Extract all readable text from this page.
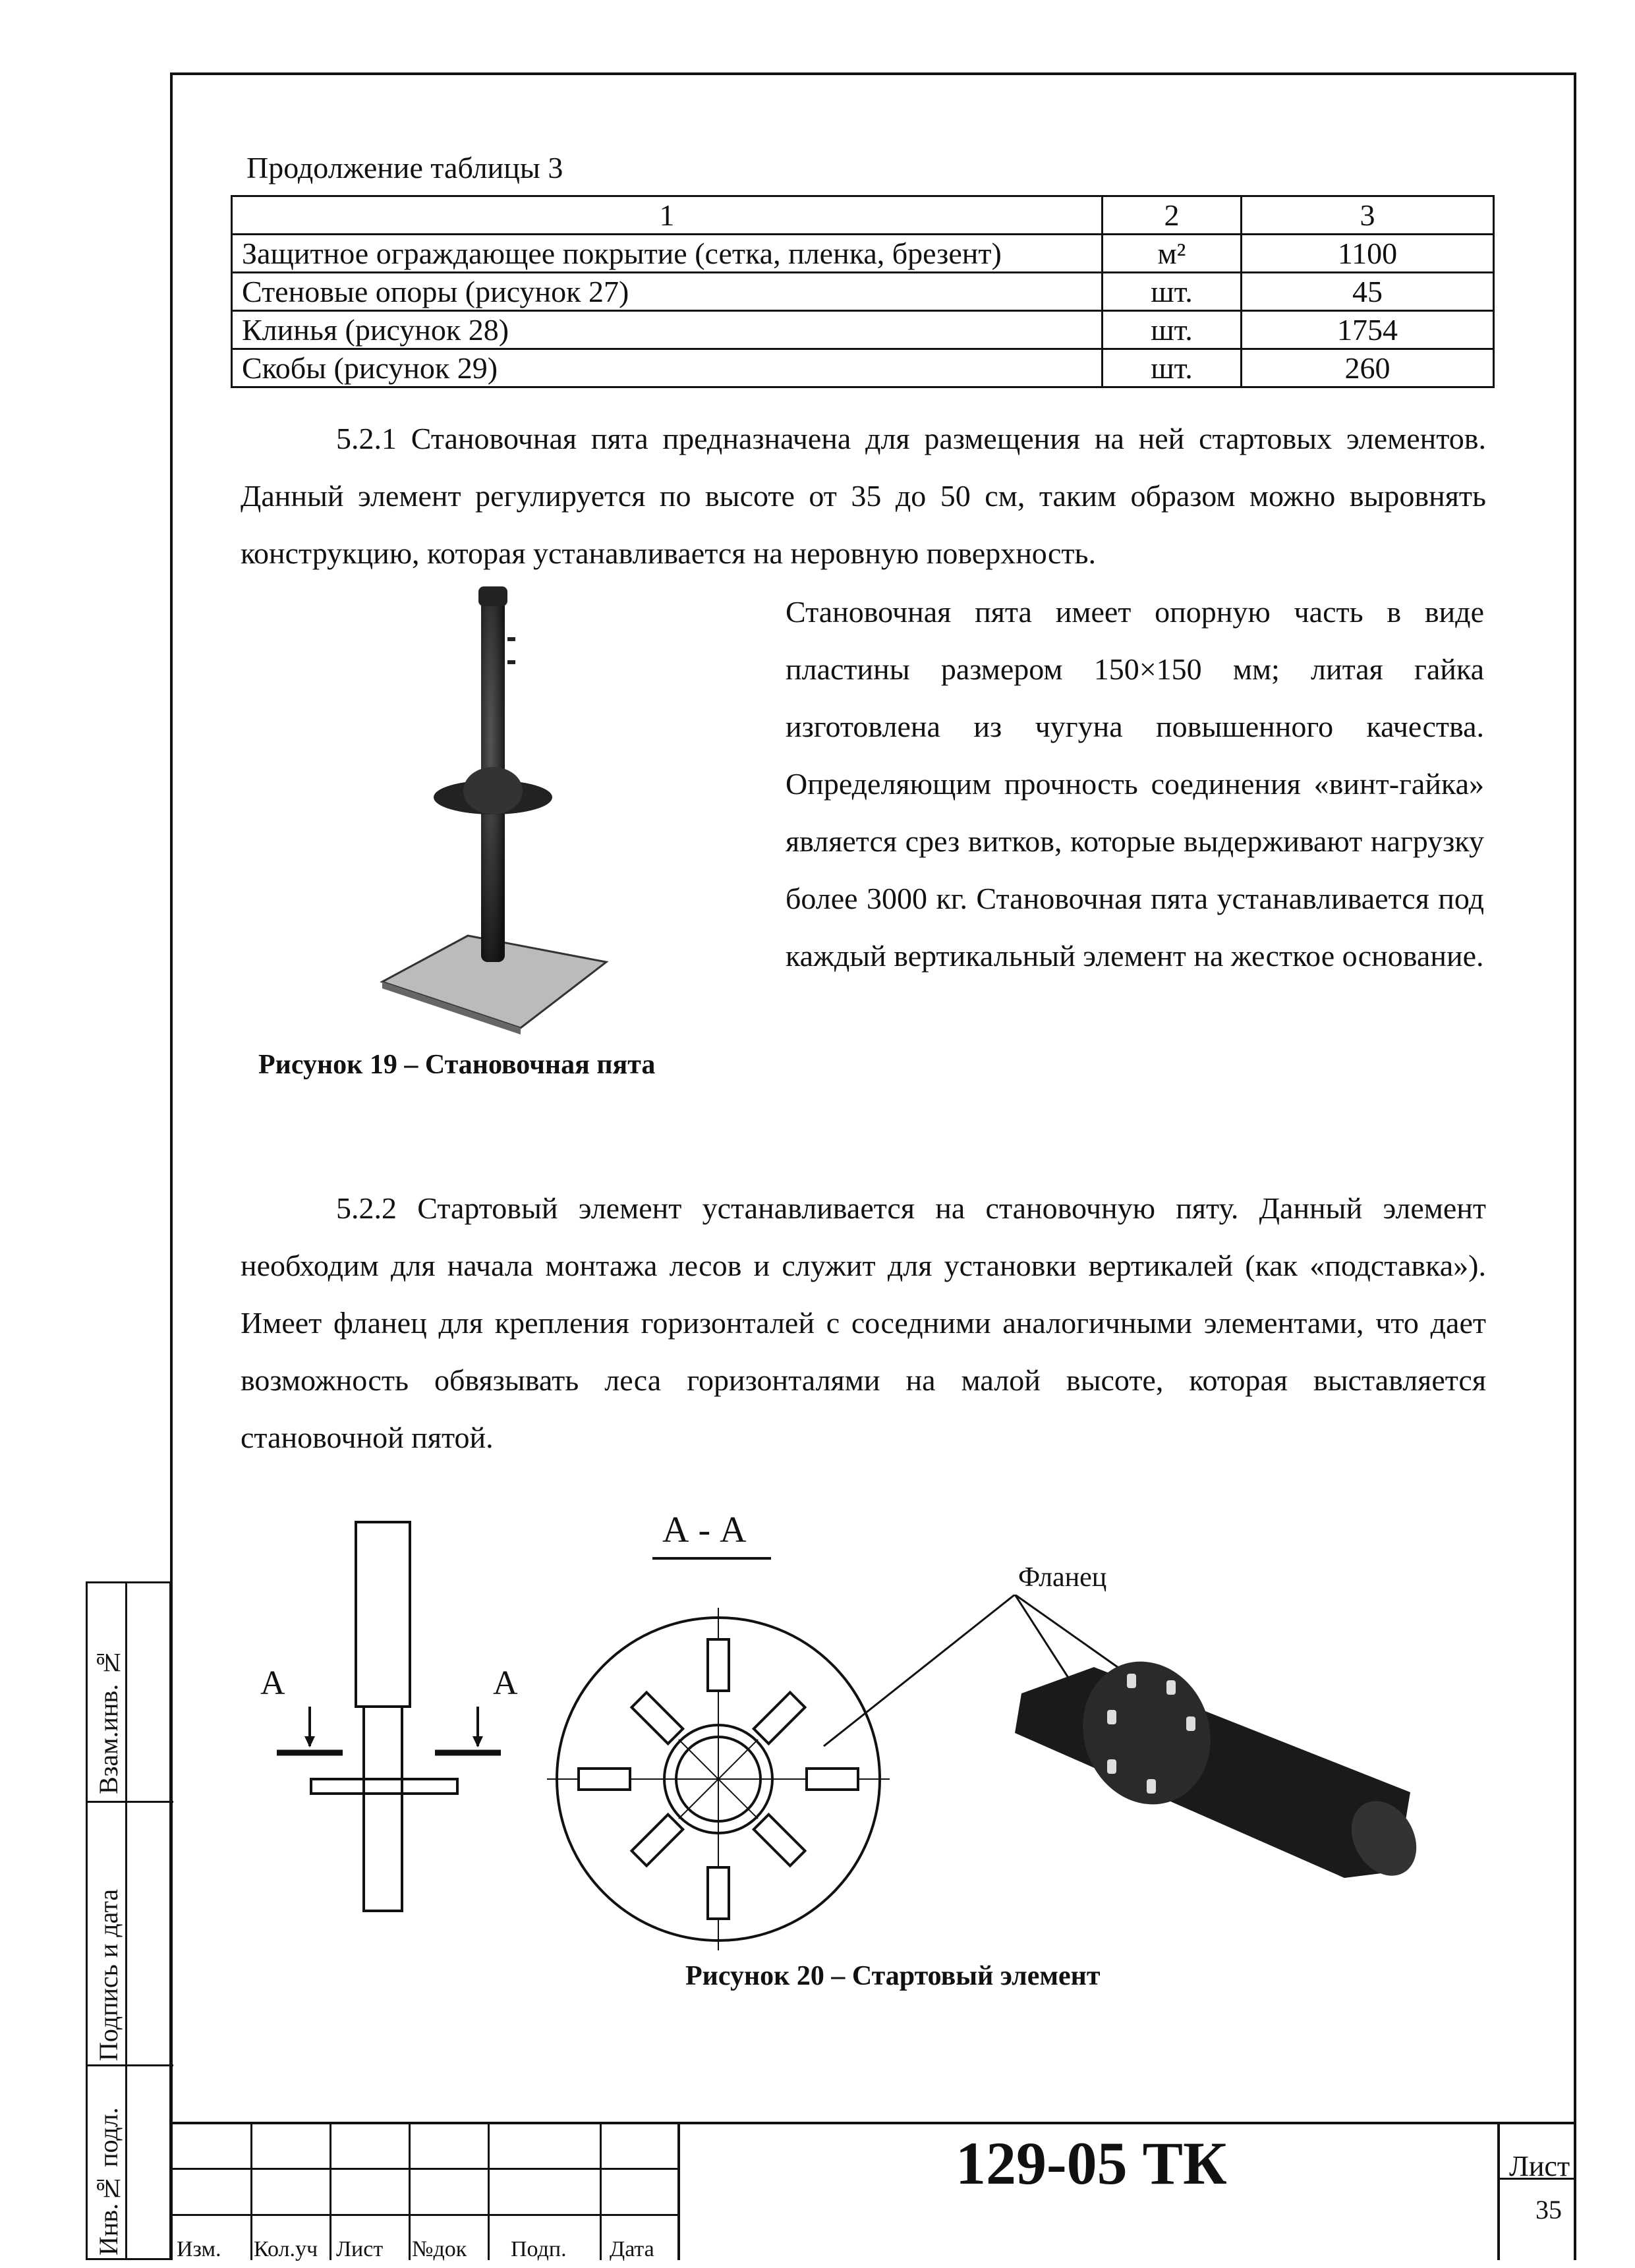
Продолжение таблицы 3
1	2	3
Защитное ограждающее покрытие (сетка, пленка, брезент)	м²	1100
Стеновые опоры (рисунок 27)	шт.	45
Клинья (рисунок 28)	шт.	1754
Скобы (рисунок 29)	шт.	260
5.2.1 Становочная пята предназначена для размещения на ней стартовых элементов. Данный элемент регулируется по высоте от 35 до 50 см, таким образом можно выровнять конструкцию, которая устанавливается на неровную поверхность.
Становочная пята имеет опорную часть в виде пластины размером 150×150 мм; литая гайка изготовлена из чугуна повышенного качества. Определяющим прочность соединения «винт-гайка» является срез витков, которые выдерживают нагрузку более 3000 кг. Становочная пята устанавливается под каждый вертикальный элемент на жесткое основание.
Рисунок 19 – Становочная пята
5.2.2 Стартовый элемент устанавливается на становочную пяту. Данный элемент необходим для начала монтажа лесов и служит для установки вертикалей (как «подставка»). Имеет фланец для крепления горизонталей с соседними аналогичными элементами, что дает возможность обвязывать леса горизонталями на малой высоте, которая выставляется становочной пятой.
А	А
А - А
Фланец
Рисунок 20 – Стартовый элемент
Инв.№ подл.
Подпись и дата
Взам.инв. №
Изм. Кол.уч Лист №док Подп. Дата
129-05 ТК	Лист
35
